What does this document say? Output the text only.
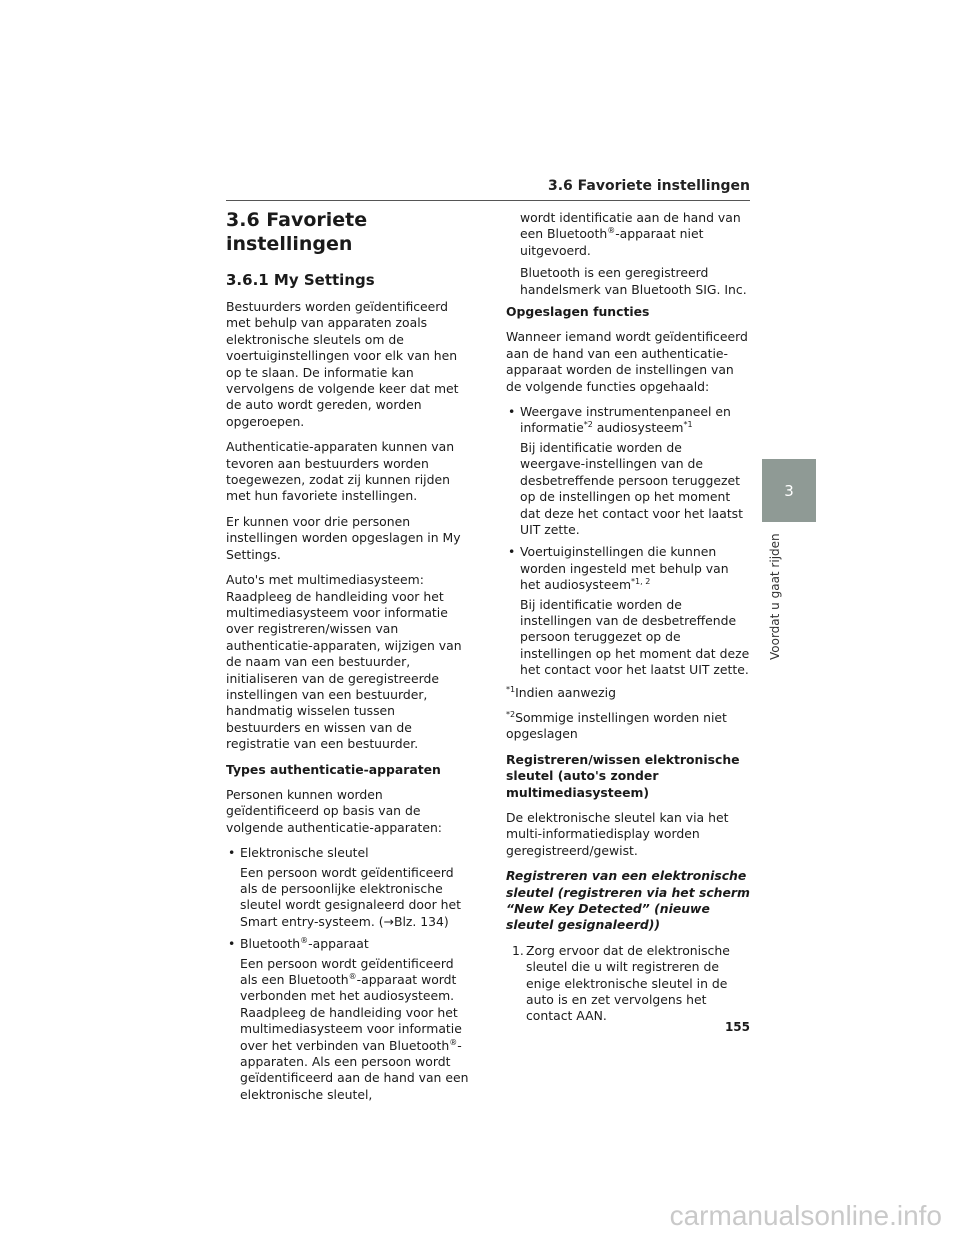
3.6 Favoriete instellingen
3.6 Favoriete instellingen
3.6.1 My Settings

Bestuurders worden geïdentificeerd met behulp van apparaten zoals elektronische sleutels om de voertuiginstellingen voor elk van hen op te slaan. De informatie kan vervolgens de volgende keer dat met de auto wordt gereden, worden opgeroepen.

Authenticatie-apparaten kunnen van tevoren aan bestuurders worden toegewezen, zodat zij kunnen rijden met hun favoriete instellingen.

Er kunnen voor drie personen instellingen worden opgeslagen in My Settings.

Auto's met multimediasysteem: Raadpleeg de handleiding voor het multimediasysteem voor informatie over registreren/wissen van authenticatie-apparaten, wijzigen van de naam van een bestuurder, initialiseren van de geregistreerde instellingen van een bestuurder, handmatig wisselen tussen bestuurders en wissen van de registratie van een bestuurder.

Types authenticatie-apparaten

Personen kunnen worden geïdentificeerd op basis van de volgende authenticatie-apparaten:

• Elektronische sleutel
Een persoon wordt geïdentificeerd als de persoonlijke elektronische sleutel wordt gesignaleerd door het Smart entry-systeem. (→Blz. 134)
• Bluetooth®-apparaat
Een persoon wordt geïdentificeerd als een Bluetooth®-apparaat wordt verbonden met het audiosysteem. Raadpleeg de handleiding voor het multimediasysteem voor informatie over het verbinden van Bluetooth®-apparaten. Als een persoon wordt geïdentificeerd aan de hand van een elektronische sleutel,
wordt identificatie aan de hand van een Bluetooth®-apparaat niet uitgevoerd.
Bluetooth is een geregistreerd handelsmerk van Bluetooth SIG. Inc.

Opgeslagen functies

Wanneer iemand wordt geïdentificeerd aan de hand van een authenticatie-apparaat worden de instellingen van de volgende functies opgehaald:

• Weergave instrumentenpaneel en informatie$^{*2}$ audiosysteem$^{*1}$
Bij identificatie worden de weergave-instellingen van de desbetreffende persoon teruggezet op de instellingen op het moment dat deze het contact voor het laatst UIT zette.
• Voertuiginstellingen die kunnen worden ingesteld met behulp van het audiosysteem$^{*1, 2}$
Bij identificatie worden de instellingen van de desbetreffende persoon teruggezet op de instellingen op het moment dat deze het contact voor het laatst UIT zette.

$^{*1}$Indien aanwezig

$^{*2}$Sommige instellingen worden niet opgeslagen

Registreren/wissen elektronische sleutel (auto's zonder multimediasysteem)

De elektronische sleutel kan via het multi-informatiedisplay worden geregistreerd/gewist.

Registreren van een elektronische sleutel (registreren via het scherm “New Key Detected” (nieuwe sleutel gesignaleerd))

1. Zorg ervoor dat de elektronische sleutel die u wilt registreren de enige elektronische sleutel in de auto is en zet vervolgens het contact AAN.
3
Voordat u gaat rijden
155
carmanualsonline.info
